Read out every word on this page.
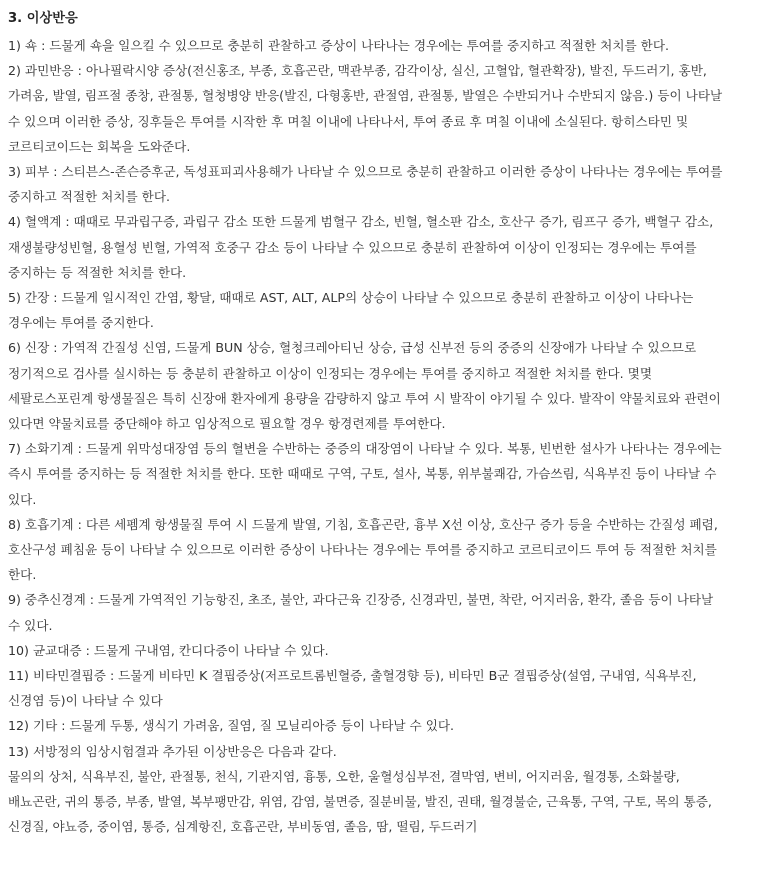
3. 이상반응

1) 쇽 : 드물게 쇽을 일으킬 수 있으므로 충분히 관찰하고 증상이 나타나는 경우에는 투여를 중지하고 적절한 처치를 한다.

2) 과민반응 : 아나필락시양 증상(전신홍조, 부종, 호흡곤란, 맥관부종, 감각이상, 실신, 고혈압, 혈관확장), 발진, 두드러기, 홍반, 가려움, 발열, 림프절 종창, 관절통, 혈청병양 반응(발진, 다형홍반, 관절염, 관절통, 발열은 수반되거나 수반되지 않음.) 등이 나타날 수 있으며 이러한 증상, 징후들은 투여를 시작한 후 며칠 이내에 나타나서, 투여 종료 후 며칠 이내에 소실된다. 항히스타민 및 코르티코이드는 회복을 도와준다.

3) 피부 : 스티븐스-존슨증후군, 독성표피괴사용해가 나타날 수 있으므로 충분히 관찰하고 이러한 증상이 나타나는 경우에는 투여를 중지하고 적절한 처치를 한다.

4) 혈액계 : 때때로 무과립구증, 과립구 감소 또한 드물게 범혈구 감소, 빈혈, 혈소판 감소, 호산구 증가, 림프구 증가, 백혈구 감소, 재생불량성빈혈, 용혈성 빈혈, 가역적 호중구 감소 등이 나타날 수 있으므로 충분히 관찰하여 이상이 인정되는 경우에는 투여를 중지하는 등 적절한 처치를 한다.

5) 간장 : 드물게 일시적인 간염, 황달, 때때로 AST, ALT, ALP의 상승이 나타날 수 있으므로 충분히 관찰하고 이상이 나타나는 경우에는 투여를 중지한다.

6) 신장 : 가역적 간질성 신염, 드물게 BUN 상승, 혈청크레아티닌 상승, 급성 신부전 등의 중증의 신장애가 나타날 수 있으므로 정기적으로 검사를 실시하는 등 충분히 관찰하고 이상이 인정되는 경우에는 투여를 중지하고 적절한 처치를 한다. 몇몇 세팔로스포린계 항생물질은 특히 신장애 환자에게 용량을 감량하지 않고 투여 시 발작이 야기될 수 있다. 발작이 약물치료와 관련이 있다면 약물치료를 중단해야 하고 임상적으로 필요할 경우 항경련제를 투여한다.

7) 소화기계 : 드물게 위막성대장염 등의 혈변을 수반하는 중증의 대장염이 나타날 수 있다. 복통, 빈번한 설사가 나타나는 경우에는 즉시 투여를 중지하는 등 적절한 처치를 한다. 또한 때때로 구역, 구토, 설사, 복통, 위부불쾌감, 가슴쓰림, 식욕부진 등이 나타날 수 있다.

8) 호흡기계 : 다른 세펨계 항생물질 투여 시 드물게 발열, 기침, 호흡곤란, 흉부 X선 이상, 호산구 증가 등을 수반하는 간질성 폐렴, 호산구성 폐침윤 등이 나타날 수 있으므로 이러한 증상이 나타나는 경우에는 투여를 중지하고 코르티코이드 투여 등 적절한 처치를 한다.

9) 중추신경계 : 드물게 가역적인 기능항진, 초조, 불안, 과다근육 긴장증, 신경과민, 불면, 착란, 어지러움, 환각, 졸음 등이 나타날 수 있다.

10) 균교대증 : 드물게 구내염, 칸디다증이 나타날 수 있다.

11) 비타민결핍증 : 드물게 비타민 K 결핍증상(저프로트롬빈혈증, 출혈경향 등), 비타민 B군 결핍증상(설염, 구내염, 식욕부진, 신경염 등)이 나타날 수 있다

12) 기타 : 드물게 두통, 생식기 가려움, 질염, 질 모닐리아증 등이 나타날 수 있다.

13) 서방정의 임상시험결과 추가된 이상반응은 다음과 같다.

물의의 상처, 식욕부진, 불안, 관절통, 천식, 기관지염, 흉통, 오한, 울혈성심부전, 결막염, 변비, 어지러움, 월경통, 소화불량, 배뇨곤란, 귀의 통증, 부종, 발열, 복부팽만감, 위염, 감염, 불면증, 질분비물, 발진, 권태, 월경불순, 근육통, 구역, 구토, 목의 통증, 신경질, 야뇨증, 중이염, 통증, 심계항진, 호흡곤란, 부비동염, 졸음, 땀, 떨림, 두드러기
